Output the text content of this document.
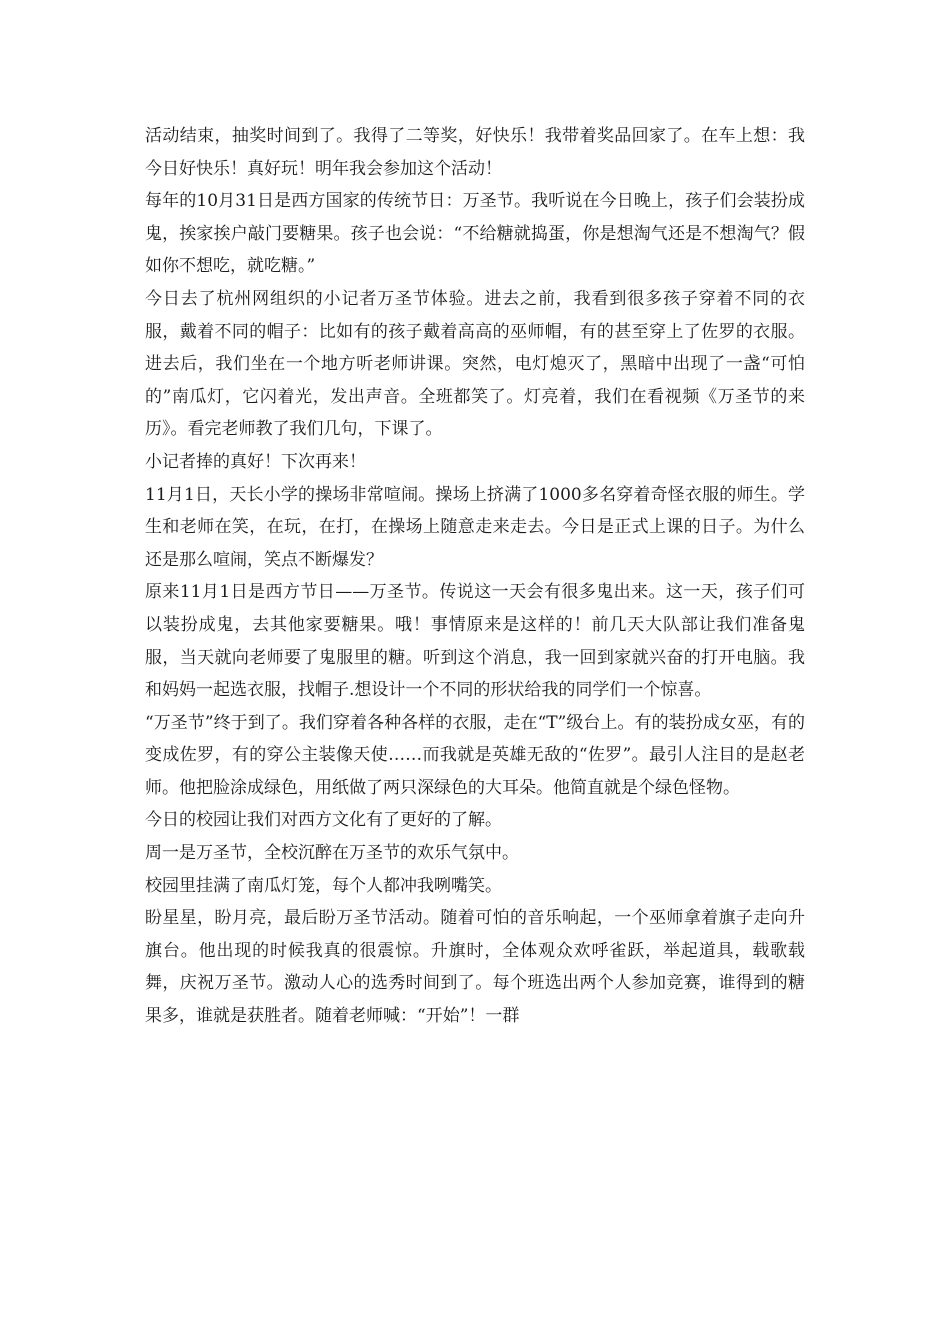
活动结束，抽奖时间到了。我得了二等奖，好快乐！我带着奖品回家了。在车上想：我今日好快乐！真好玩！明年我会参加这个活动！

每年的10月31日是西方国家的传统节日：万圣节。我听说在今日晚上，孩子们会装扮成鬼，挨家挨户敲门要糖果。孩子也会说：“不给糖就捣蛋，你是想淘气还是不想淘气？假如你不想吃，就吃糖。”

今日去了杭州网组织的小记者万圣节体验。进去之前，我看到很多孩子穿着不同的衣服，戴着不同的帽子：比如有的孩子戴着高高的巫师帽，有的甚至穿上了佐罗的衣服。进去后，我们坐在一个地方听老师讲课。突然，电灯熄灭了，黑暗中出现了一盏“可怕的”南瓜灯，它闪着光，发出声音。全班都笑了。灯亮着，我们在看视频《万圣节的来历》。看完老师教了我们几句，下课了。

小记者捧的真好！下次再来！

11月1日，天长小学的操场非常喧闹。操场上挤满了1000多名穿着奇怪衣服的师生。学生和老师在笑，在玩，在打，在操场上随意走来走去。今日是正式上课的日子。为什么还是那么喧闹，笑点不断爆发？

原来11月1日是西方节日——万圣节。传说这一天会有很多鬼出来。这一天，孩子们可以装扮成鬼，去其他家要糖果。哦！事情原来是这样的！前几天大队部让我们准备鬼服，当天就向老师要了鬼服里的糖。听到这个消息，我一回到家就兴奋的打开电脑。我和妈妈一起选衣服，找帽子.想设计一个不同的形状给我的同学们一个惊喜。

“万圣节”终于到了。我们穿着各种各样的衣服，走在“T”级台上。有的装扮成女巫，有的变成佐罗，有的穿公主装像天使……而我就是英雄无敌的“佐罗”。最引人注目的是赵老师。他把脸涂成绿色，用纸做了两只深绿色的大耳朵。他简直就是个绿色怪物。

今日的校园让我们对西方文化有了更好的了解。

周一是万圣节，全校沉醉在万圣节的欢乐气氛中。

校园里挂满了南瓜灯笼，每个人都冲我咧嘴笑。

盼星星，盼月亮，最后盼万圣节活动。随着可怕的音乐响起，一个巫师拿着旗子走向升旗台。他出现的时候我真的很震惊。升旗时，全体观众欢呼雀跃，举起道具，载歌载舞，庆祝万圣节。激动人心的选秀时间到了。每个班选出两个人参加竞赛，谁得到的糖果多，谁就是获胜者。随着老师喊：“开始”！一群
